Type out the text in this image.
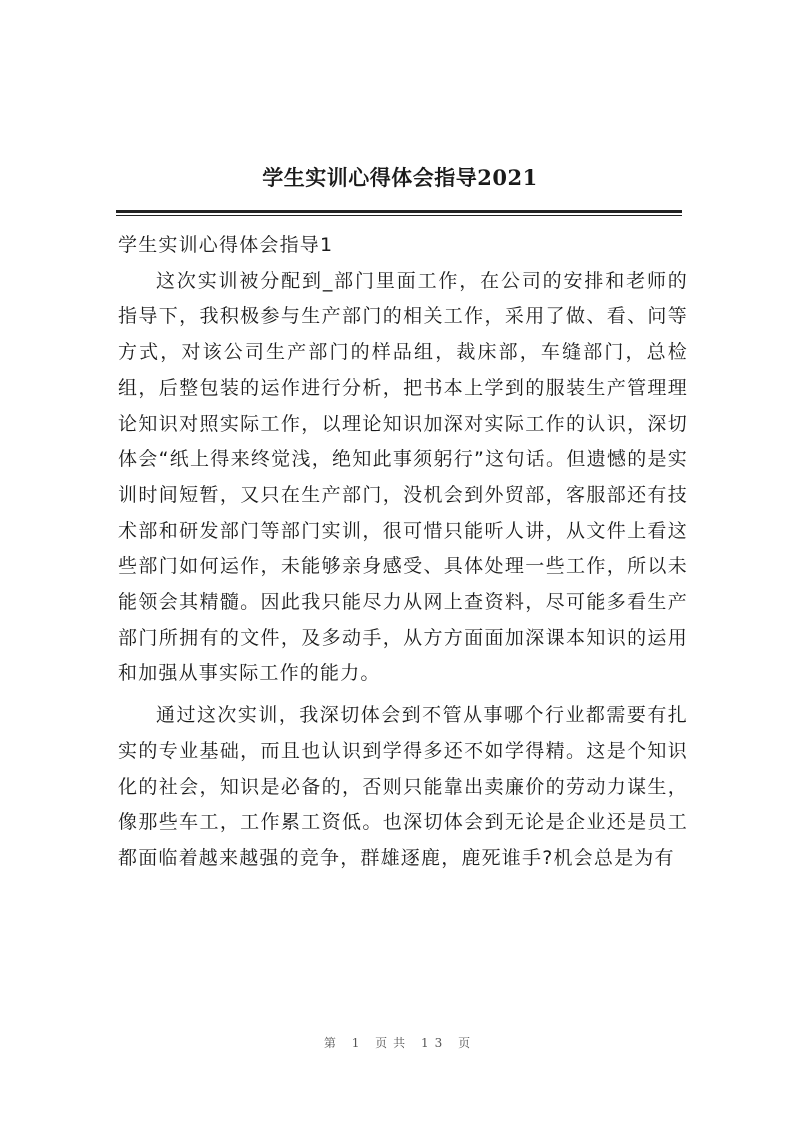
学生实训心得体会指导2021

学生实训心得体会指导1

这次实训被分配到_部门里面工作，在公司的安排和老师的指导下，我积极参与生产部门的相关工作，采用了做、看、问等方式，对该公司生产部门的样品组，裁床部，车缝部门，总检组，后整包装的运作进行分析，把书本上学到的服装生产管理理论知识对照实际工作，以理论知识加深对实际工作的认识，深切体会“纸上得来终觉浅，绝知此事须躬行”这句话。但遗憾的是实训时间短暂，又只在生产部门，没机会到外贸部，客服部还有技术部和研发部门等部门实训，很可惜只能听人讲，从文件上看这些部门如何运作，未能够亲身感受、具体处理一些工作，所以未能领会其精髓。因此我只能尽力从网上查资料，尽可能多看生产部门所拥有的文件，及多动手，从方方面面加深课本知识的运用和加强从事实际工作的能力。

通过这次实训，我深切体会到不管从事哪个行业都需要有扎实的专业基础，而且也认识到学得多还不如学得精。这是个知识化的社会，知识是必备的，否则只能靠出卖廉价的劳动力谋生，像那些车工，工作累工资低。也深切体会到无论是企业还是员工都面临着越来越强的竞争，群雄逐鹿，鹿死谁手?机会总是为有

第 1 页共 13 页
